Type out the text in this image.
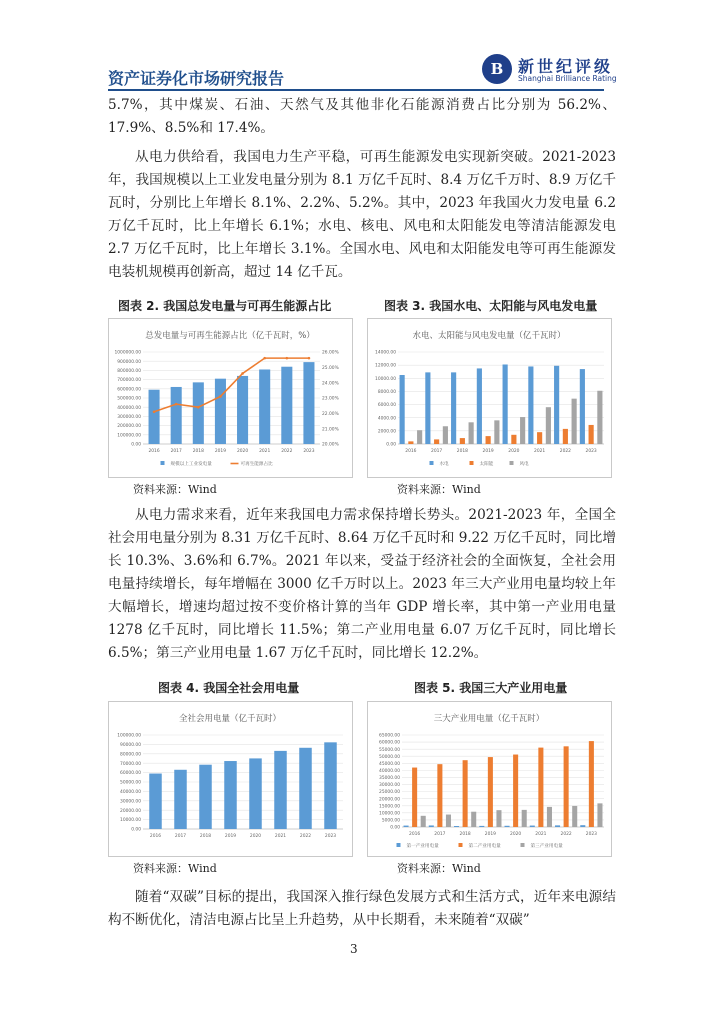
资产证券化市场研究报告	B 新世纪评级
Shanghai Brilliance Rating

5.7%，其中煤炭、石油、天然气及其他非化石能源消费占比分别为 56.2%、17.9%、8.5%和 17.4%。

从电力供给看，我国电力生产平稳，可再生能源发电实现新突破。2021-2023年，我国规模以上工业发电量分别为 8.1 万亿千瓦时、8.4 万亿千万时、8.9 万亿千瓦时，分别比上年增长 8.1%、2.2%、5.2%。其中，2023 年我国火力发电量 6.2 万亿千瓦时，比上年增长 6.1%；水电、核电、风电和太阳能发电等清洁能源发电 2.7 万亿千瓦时，比上年增长 3.1%。全国水电、风电和太阳能发电等可再生能源发电装机规模再创新高，超过 14 亿千瓦。

图表 2. 我国总发电量与可再生能源占比	图表 3. 我国水电、太阳能与风电发电量
总发电量与可再生能源占比（亿千瓦时，%）
0.00
100000.00
200000.00
300000.00
400000.00
500000.00
600000.00
700000.00
800000.00
900000.00
1000000.00
20.00%
21.00%
22.00%
23.00%
24.00%
25.00%
26.00%
2016 2017 2018 2019 2020 2021 2022 2023
规模以上工业发电量	可再生能源占比
水电、太阳能与风电发电量（亿千瓦时）
0.00
2000.00
4000.00
6000.00
8000.00
10000.00
12000.00
14000.00
2016	2017	2018	2019	2020	2021	2022	2023
水电	太阳能	风电
资料来源：Wind	资料来源：Wind

从电力需求来看，近年来我国电力需求保持增长势头。2021-2023 年，全国全社会用电量分别为 8.31 万亿千瓦时、8.64 万亿千瓦时和 9.22 万亿千瓦时，同比增长 10.3%、3.6%和 6.7%。2021 年以来，受益于经济社会的全面恢复，全社会用电量持续增长，每年增幅在 3000 亿千万时以上。2023 年三大产业用电量均较上年大幅增长，增速均超过按不变价格计算的当年 GDP 增长率，其中第一产业用电量 1278 亿千瓦时，同比增长 11.5%；第二产业用电量 6.07 万亿千瓦时，同比增长 6.5%；第三产业用电量 1.67 万亿千瓦时，同比增长 12.2%。

图表 4. 我国全社会用电量	图表 5. 我国三大产业用电量
全社会用电量（亿千瓦时）
0.00
10000.00
20000.00
30000.00
40000.00
50000.00
60000.00
70000.00
80000.00
90000.00
100000.00
2016	2017	2018	2019	2020	2021	2022	2023
三大产业用电量（亿千瓦时）
0.00
5000.00
10000.00
15000.00
20000.00
25000.00
30000.00
35000.00
40000.00
45000.00
50000.00
55000.00
60000.00
65000.00
2016	2017	2018	2019	2020	2021	2022	2023
第一产业用电量	第二产业用电量	第三产业用电量
资料来源：Wind	资料来源：Wind

随着“双碳”目标的提出，我国深入推行绿色发展方式和生活方式，近年来电源结构不断优化，清洁电源占比呈上升趋势，从中长期看，未来随着“双碳”

3
